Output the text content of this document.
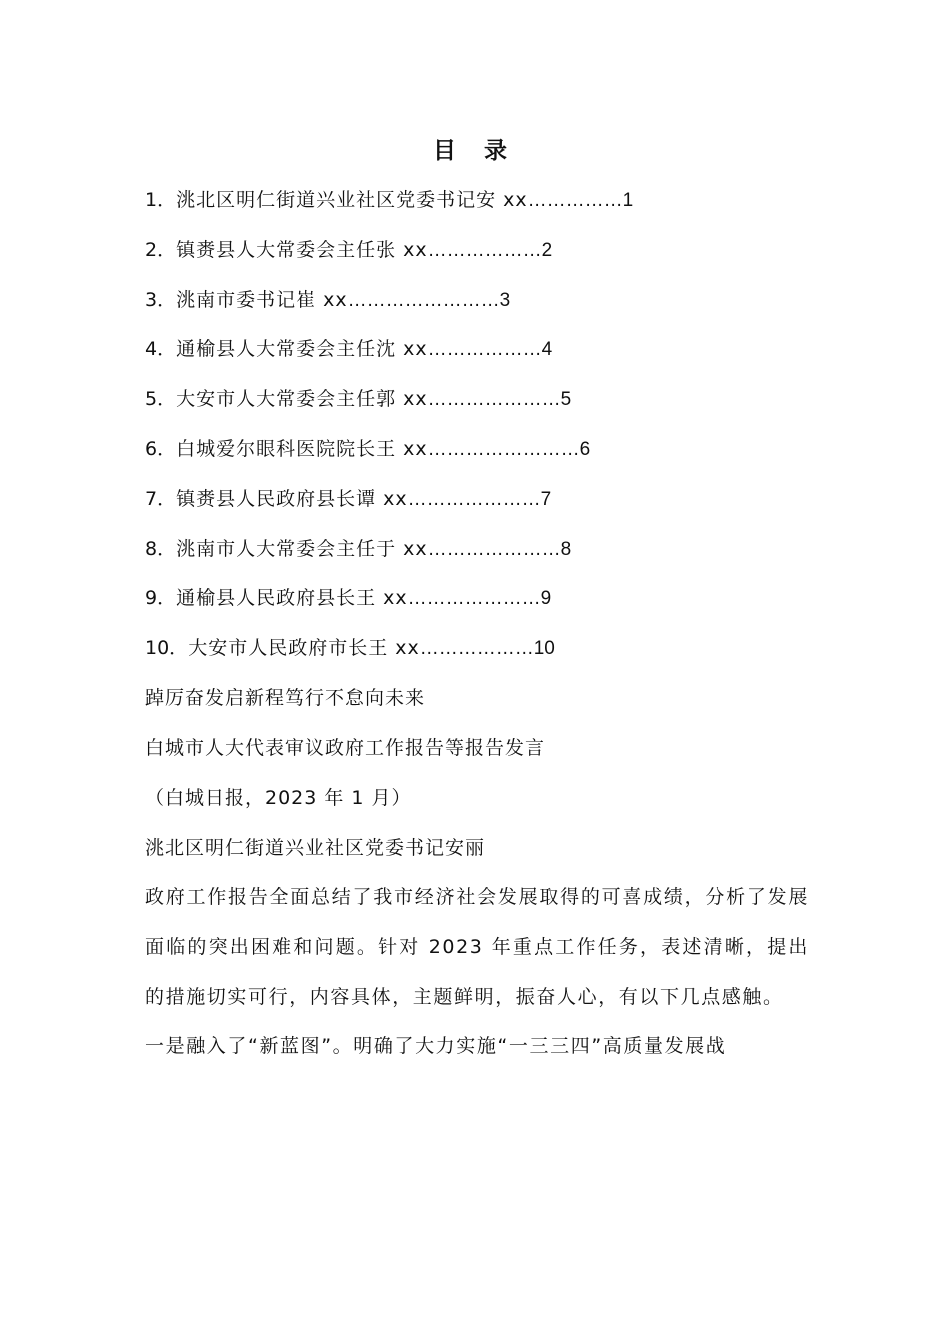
目 录
1．洮北区明仁街道兴业社区党委书记安 xx……………1
2．镇赉县人大常委会主任张 xx………………2
3．洮南市委书记崔 xx……………………3
4．通榆县人大常委会主任沈 xx………………4
5．大安市人大常委会主任郭 xx…………………5
6．白城爱尔眼科医院院长王 xx……………………6
7．镇赉县人民政府县长谭 xx…………………7
8．洮南市人大常委会主任于 xx…………………8
9．通榆县人民政府县长王 xx…………………9
10．大安市人民政府市长王 xx………………10
踔厉奋发启新程笃行不怠向未来
白城市人大代表审议政府工作报告等报告发言
（白城日报，2023 年 1 月）
洮北区明仁街道兴业社区党委书记安丽

政府工作报告全面总结了我市经济社会发展取得的可喜成绩，分析了发展面临的突出困难和问题。针对 2023 年重点工作任务，表述清晰，提出的措施切实可行，内容具体，主题鲜明，振奋人心，有以下几点感触。

一是融入了“新蓝图”。明确了大力实施“一三三四”高质量发展战
